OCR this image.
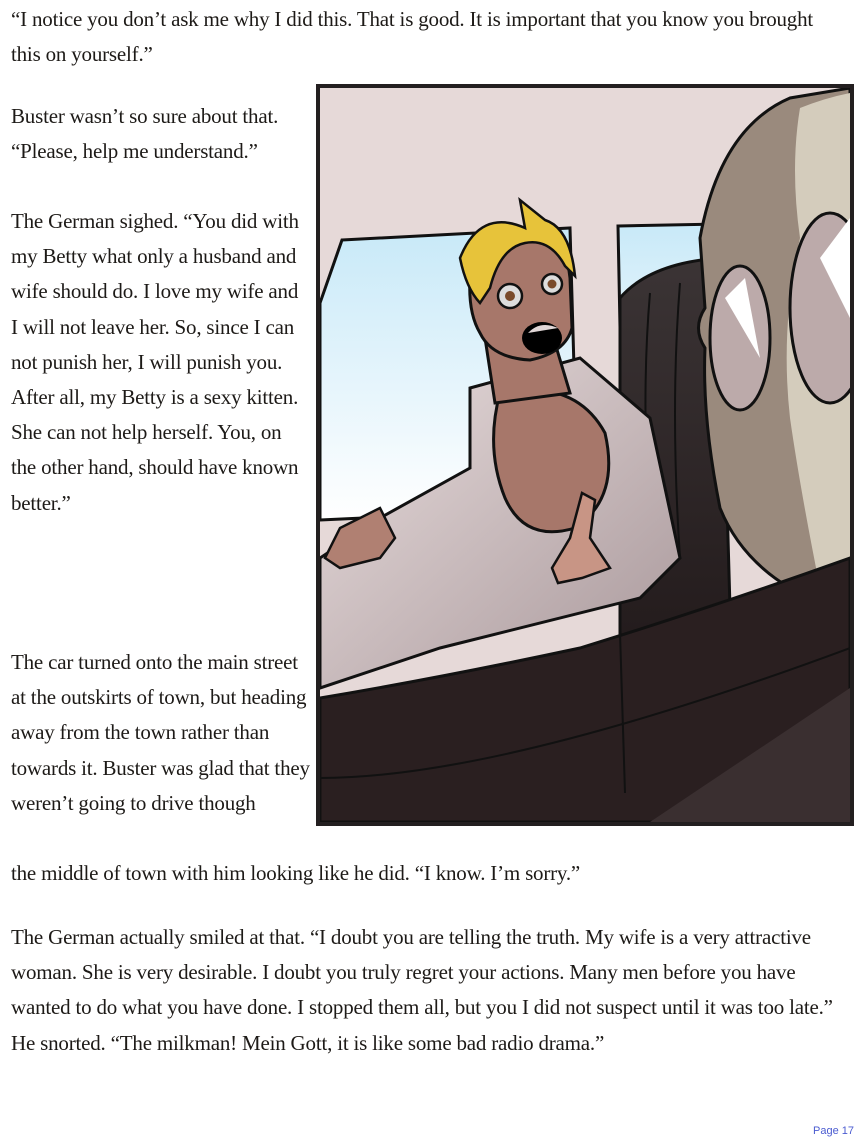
“I notice you don’t ask me why I did this. That is good. It is important that you know you brought this on yourself.”

Buster wasn’t so sure about that. “Please, help me understand.”

The German sighed. “You did with my Betty what only a husband and wife should do. I love my wife and I will not leave her. So, since I can not punish her, I will punish you. After all, my Betty is a sexy kitten. She can not help herself. You, on the other hand, should have known better.”

The car turned onto the main street at the outskirts of town, but heading away from the town rather than towards it. Buster was glad that they weren’t going to drive though

the middle of town with him looking like he did. “I know. I’m sorry.”

The German actually smiled at that. “I doubt you are telling the truth. My wife is a very attractive woman. She is very desirable. I doubt you truly regret your actions. Many men before you have wanted to do what you have done. I stopped them all, but you I did not suspect until it was too late.” He snorted. “The milkman! Mein Gott, it is like some bad radio drama.”

Page 17
